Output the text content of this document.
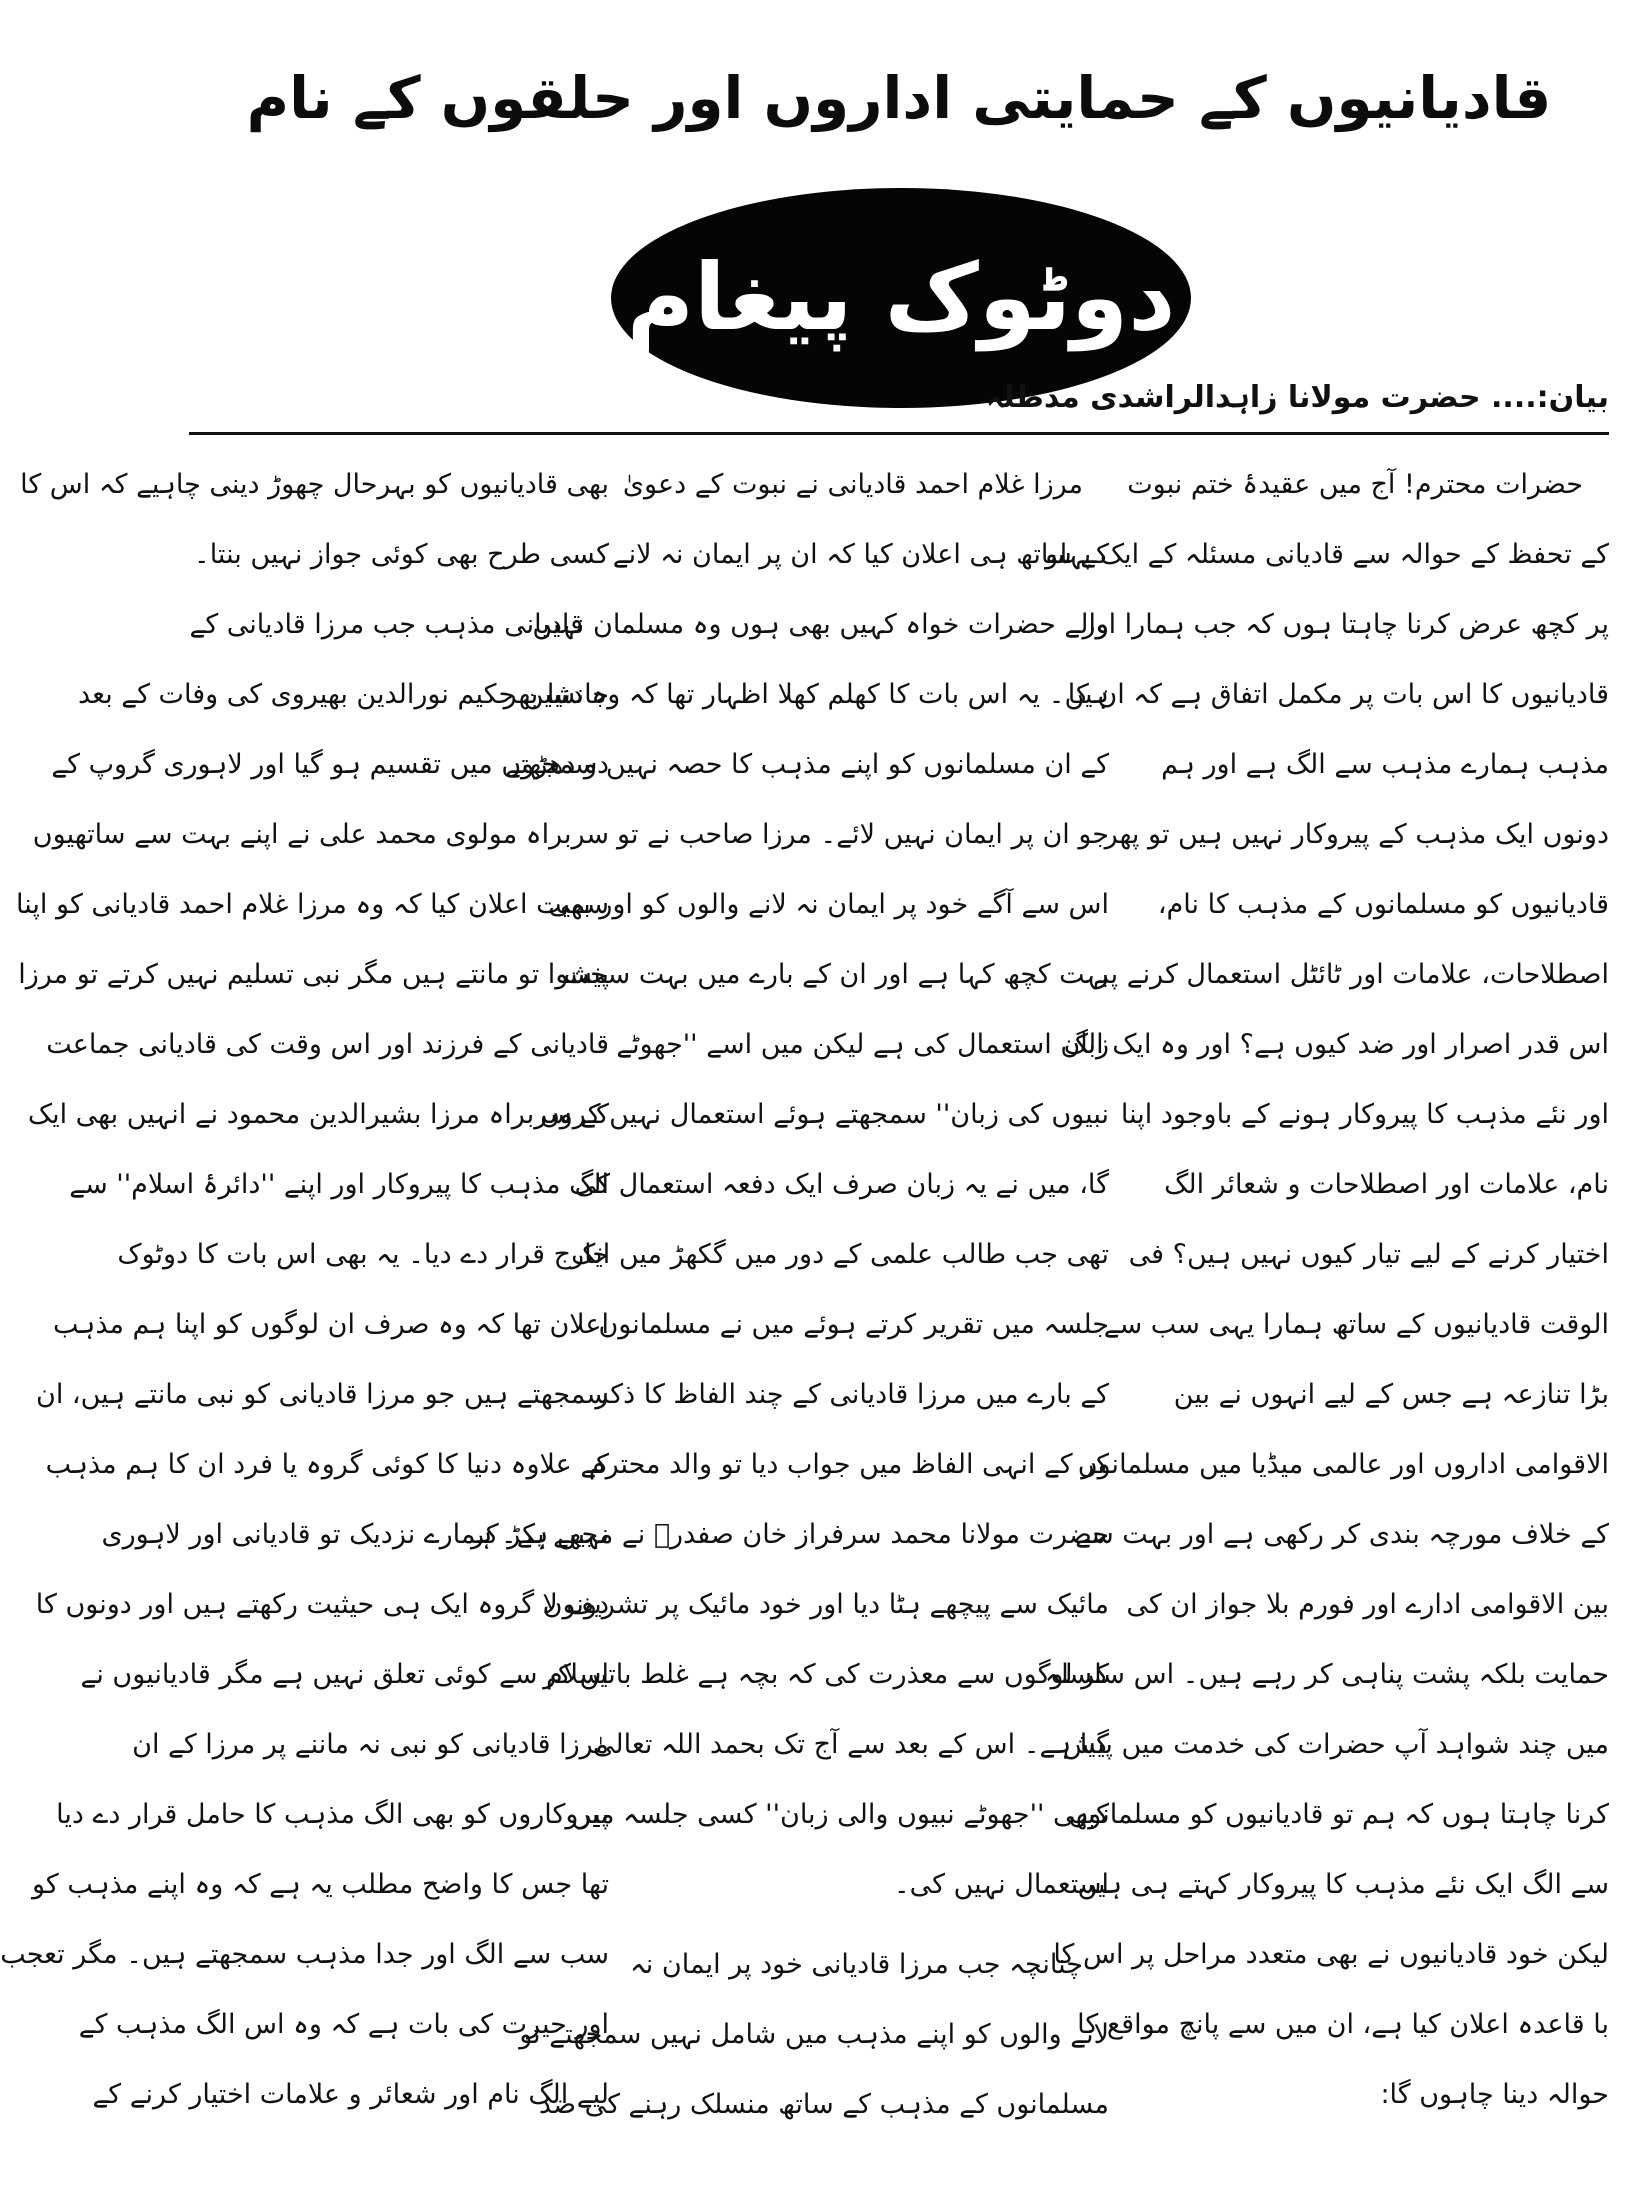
قادیانیوں کے حمایتی اداروں اور حلقوں کے نام
دوٹوک پیغام
بیان:.... حضرت مولانا زاہدالراشدی مدظلہ
حضرات محترم! آج میں عقیدۂ ختم نبوت
کے تحفظ کے حوالہ سے قادیانی مسئلہ کے ایک پہلو
پر کچھ عرض کرنا چاہتا ہوں کہ جب ہمارا اور
قادیانیوں کا اس بات پر مکمل اتفاق ہے کہ ان کا
مذہب ہمارے مذہب سے الگ ہے اور ہم
دونوں ایک مذہب کے پیروکار نہیں ہیں تو پھر
قادیانیوں کو مسلمانوں کے مذہب کا نام،
اصطلاحات، علامات اور ٹائٹل استعمال کرنے پر
اس قدر اصرار اور ضد کیوں ہے؟ اور وہ ایک الگ
اور نئے مذہب کا پیروکار ہونے کے باوجود اپنا
نام، علامات اور اصطلاحات و شعائر الگ
اختیار کرنے کے لیے تیار کیوں نہیں ہیں؟ فی
الوقت قادیانیوں کے ساتھ ہمارا یہی سب سے
بڑا تنازعہ ہے جس کے لیے انہوں نے بین
الاقوامی اداروں اور عالمی میڈیا میں مسلمانوں
کے خلاف مورچہ بندی کر رکھی ہے اور بہت سے
بین الاقوامی ادارے اور فورم بلا جواز ان کی
حمایت بلکہ پشت پناہی کر رہے ہیں۔ اس سلسلہ
میں چند شواہد آپ حضرات کی خدمت میں پیش
کرنا چاہتا ہوں کہ ہم تو قادیانیوں کو مسلمانوں
سے الگ ایک نئے مذہب کا پیروکار کہتے ہی ہیں
لیکن خود قادیانیوں نے بھی متعدد مراحل پر اس کا
با قاعدہ اعلان کیا ہے، ان میں سے پانچ مواقع کا
حوالہ دینا چاہوں گا:
مرزا غلام احمد قادیانی نے نبوت کے دعویٰ
کے ساتھ ہی اعلان کیا کہ ان پر ایمان نہ لانے
والے حضرات خواہ کہیں بھی ہوں وہ مسلمان نہیں
ہیں۔ یہ اس بات کا کھلم کھلا اظہار تھا کہ وہ دنیا بھر
کے ان مسلمانوں کو اپنے مذہب کا حصہ نہیں سمجھتے
جو ان پر ایمان نہیں لائے۔ مرزا صاحب نے تو
اس سے آگے خود پر ایمان نہ لانے والوں کو اور بھی
بہت کچھ کہا ہے اور ان کے بارے میں بہت سخت
زبان استعمال کی ہے لیکن میں اسے ''جھوٹے
نبیوں کی زبان'' سمجھتے ہوئے استعمال نہیں کروں
گا، میں نے یہ زبان صرف ایک دفعہ استعمال کی
تھی جب طالب علمی کے دور میں گکھڑ میں ایک
جلسہ میں تقریر کرتے ہوئے میں نے مسلمانوں
کے بارے میں مرزا قادیانی کے چند الفاظ کا ذکر
کر کے انہی الفاظ میں جواب دیا تو والد محترم
حضرت مولانا محمد سرفراز خان صفدرؒ نے مجھے پکڑ کر
مائیک سے پیچھے ہٹا دیا اور خود مائیک پر تشریف لا
کر لوگوں سے معذرت کی کہ بچہ ہے غلط باتیں کر
گیا ہے۔ اس کے بعد سے آج تک بحمد اللہ تعالیٰ
کبھی ''جھوٹے نبیوں والی زبان'' کسی جلسہ میں
استعمال نہیں کی۔
چنانچہ جب مرزا قادیانی خود پر ایمان نہ
لانے والوں کو اپنے مذہب میں شامل نہیں سمجھتے تو
مسلمانوں کے مذہب کے ساتھ منسلک رہنے کی ضد
بھی قادیانیوں کو بہرحال چھوڑ دینی چاہیے کہ اس کا
کسی طرح بھی کوئی جواز نہیں بنتا۔
قادیانی مذہب جب مرزا قادیانی کے
جانشین حکیم نورالدین بھیروی کی وفات کے بعد
دو دھڑوں میں تقسیم ہو گیا اور لاہوری گروپ کے
سربراہ مولوی محمد علی نے اپنے بہت سے ساتھیوں
سمیت اعلان کیا کہ وہ مرزا غلام احمد قادیانی کو اپنا
پیشوا تو مانتے ہیں مگر نبی تسلیم نہیں کرتے تو مرزا
قادیانی کے فرزند اور اس وقت کی قادیانی جماعت
کے سربراہ مرزا بشیرالدین محمود نے انہیں بھی ایک
الگ مذہب کا پیروکار اور اپنے ''دائرۂ اسلام'' سے
خارج قرار دے دیا۔ یہ بھی اس بات کا دوٹوک
اعلان تھا کہ وہ صرف ان لوگوں کو اپنا ہم مذہب
سمجھتے ہیں جو مرزا قادیانی کو نبی مانتے ہیں، ان
کے علاوہ دنیا کا کوئی گروہ یا فرد ان کا ہم مذہب
نہیں ہے۔ ہمارے نزدیک تو قادیانی اور لاہوری
دونوں گروہ ایک ہی حیثیت رکھتے ہیں اور دونوں کا
اسلام سے کوئی تعلق نہیں ہے مگر قادیانیوں نے
مرزا قادیانی کو نبی نہ ماننے پر مرزا کے ان
پیروکاروں کو بھی الگ مذہب کا حامل قرار دے دیا
تھا جس کا واضح مطلب یہ ہے کہ وہ اپنے مذہب کو
سب سے الگ اور جدا مذہب سمجھتے ہیں۔ مگر تعجب
اور حیرت کی بات ہے کہ وہ اس الگ مذہب کے
لیے الگ نام اور شعائر و علامات اختیار کرنے کے
